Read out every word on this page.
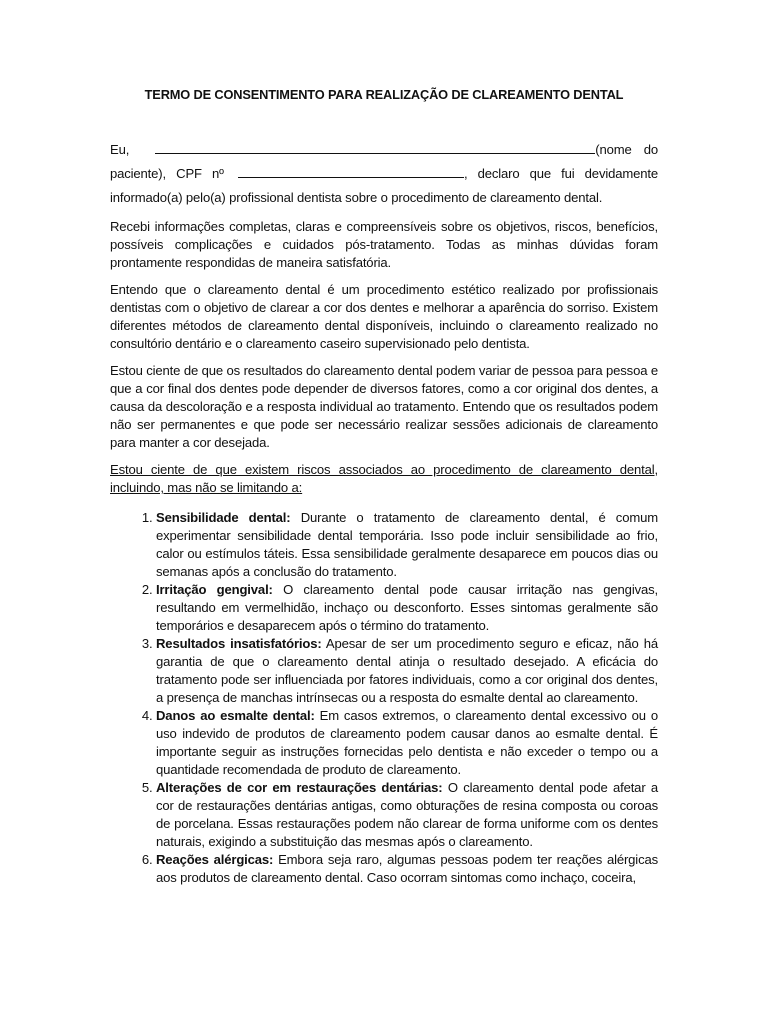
TERMO DE CONSENTIMENTO PARA REALIZAÇÃO DE CLAREAMENTO DENTAL
Eu,	(nome do paciente), CPF nº	, declaro que fui devidamente informado(a) pelo(a) profissional dentista sobre o procedimento de clareamento dental.
Recebi informações completas, claras e compreensíveis sobre os objetivos, riscos, benefícios, possíveis complicações e cuidados pós-tratamento. Todas as minhas dúvidas foram prontamente respondidas de maneira satisfatória.
Entendo que o clareamento dental é um procedimento estético realizado por profissionais dentistas com o objetivo de clarear a cor dos dentes e melhorar a aparência do sorriso. Existem diferentes métodos de clareamento dental disponíveis, incluindo o clareamento realizado no consultório dentário e o clareamento caseiro supervisionado pelo dentista.
Estou ciente de que os resultados do clareamento dental podem variar de pessoa para pessoa e que a cor final dos dentes pode depender de diversos fatores, como a cor original dos dentes, a causa da descoloração e a resposta individual ao tratamento. Entendo que os resultados podem não ser permanentes e que pode ser necessário realizar sessões adicionais de clareamento para manter a cor desejada.
Estou ciente de que existem riscos associados ao procedimento de clareamento dental, incluindo, mas não se limitando a:
1. Sensibilidade dental: Durante o tratamento de clareamento dental, é comum experimentar sensibilidade dental temporária. Isso pode incluir sensibilidade ao frio, calor ou estímulos táteis. Essa sensibilidade geralmente desaparece em poucos dias ou semanas após a conclusão do tratamento.
2. Irritação gengival: O clareamento dental pode causar irritação nas gengivas, resultando em vermelhidão, inchaço ou desconforto. Esses sintomas geralmente são temporários e desaparecem após o término do tratamento.
3. Resultados insatisfatórios: Apesar de ser um procedimento seguro e eficaz, não há garantia de que o clareamento dental atinja o resultado desejado. A eficácia do tratamento pode ser influenciada por fatores individuais, como a cor original dos dentes, a presença de manchas intrínsecas ou a resposta do esmalte dental ao clareamento.
4. Danos ao esmalte dental: Em casos extremos, o clareamento dental excessivo ou o uso indevido de produtos de clareamento podem causar danos ao esmalte dental. É importante seguir as instruções fornecidas pelo dentista e não exceder o tempo ou a quantidade recomendada de produto de clareamento.
5. Alterações de cor em restaurações dentárias: O clareamento dental pode afetar a cor de restaurações dentárias antigas, como obturações de resina composta ou coroas de porcelana. Essas restaurações podem não clarear de forma uniforme com os dentes naturais, exigindo a substituição das mesmas após o clareamento.
6. Reações alérgicas: Embora seja raro, algumas pessoas podem ter reações alérgicas aos produtos de clareamento dental. Caso ocorram sintomas como inchaço, coceira,
